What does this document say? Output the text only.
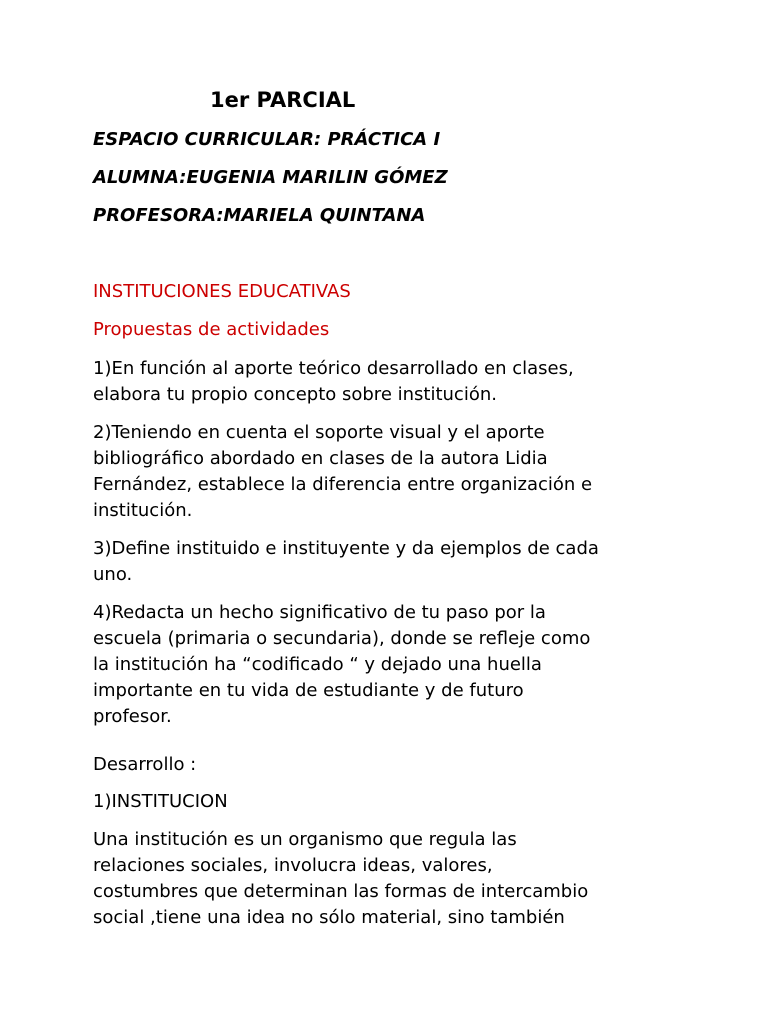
1er PARCIAL
ESPACIO CURRICULAR: PRÁCTICA I
ALUMNA:EUGENIA MARILIN GÓMEZ
PROFESORA:MARIELA QUINTANA
INSTITUCIONES EDUCATIVAS
Propuestas de actividades
1)En función al aporte teórico desarrollado en clases,
elabora tu propio concepto sobre institución.
2)Teniendo en cuenta el soporte visual y el aporte
bibliográfico abordado en clases de la autora Lidia
Fernández, establece la diferencia entre organización e
institución.
3)Define instituido e instituyente y da ejemplos de cada
uno.
4)Redacta un hecho significativo de tu paso por la
escuela (primaria o secundaria), donde se refleje como
la institución ha “codificado “ y dejado una huella
importante en tu vida de estudiante y de futuro
profesor.
Desarrollo :
1)INSTITUCION
Una institución es un organismo que regula las
relaciones sociales, involucra ideas, valores,
costumbres que determinan las formas de intercambio
social ,tiene una idea no sólo material, sino también
